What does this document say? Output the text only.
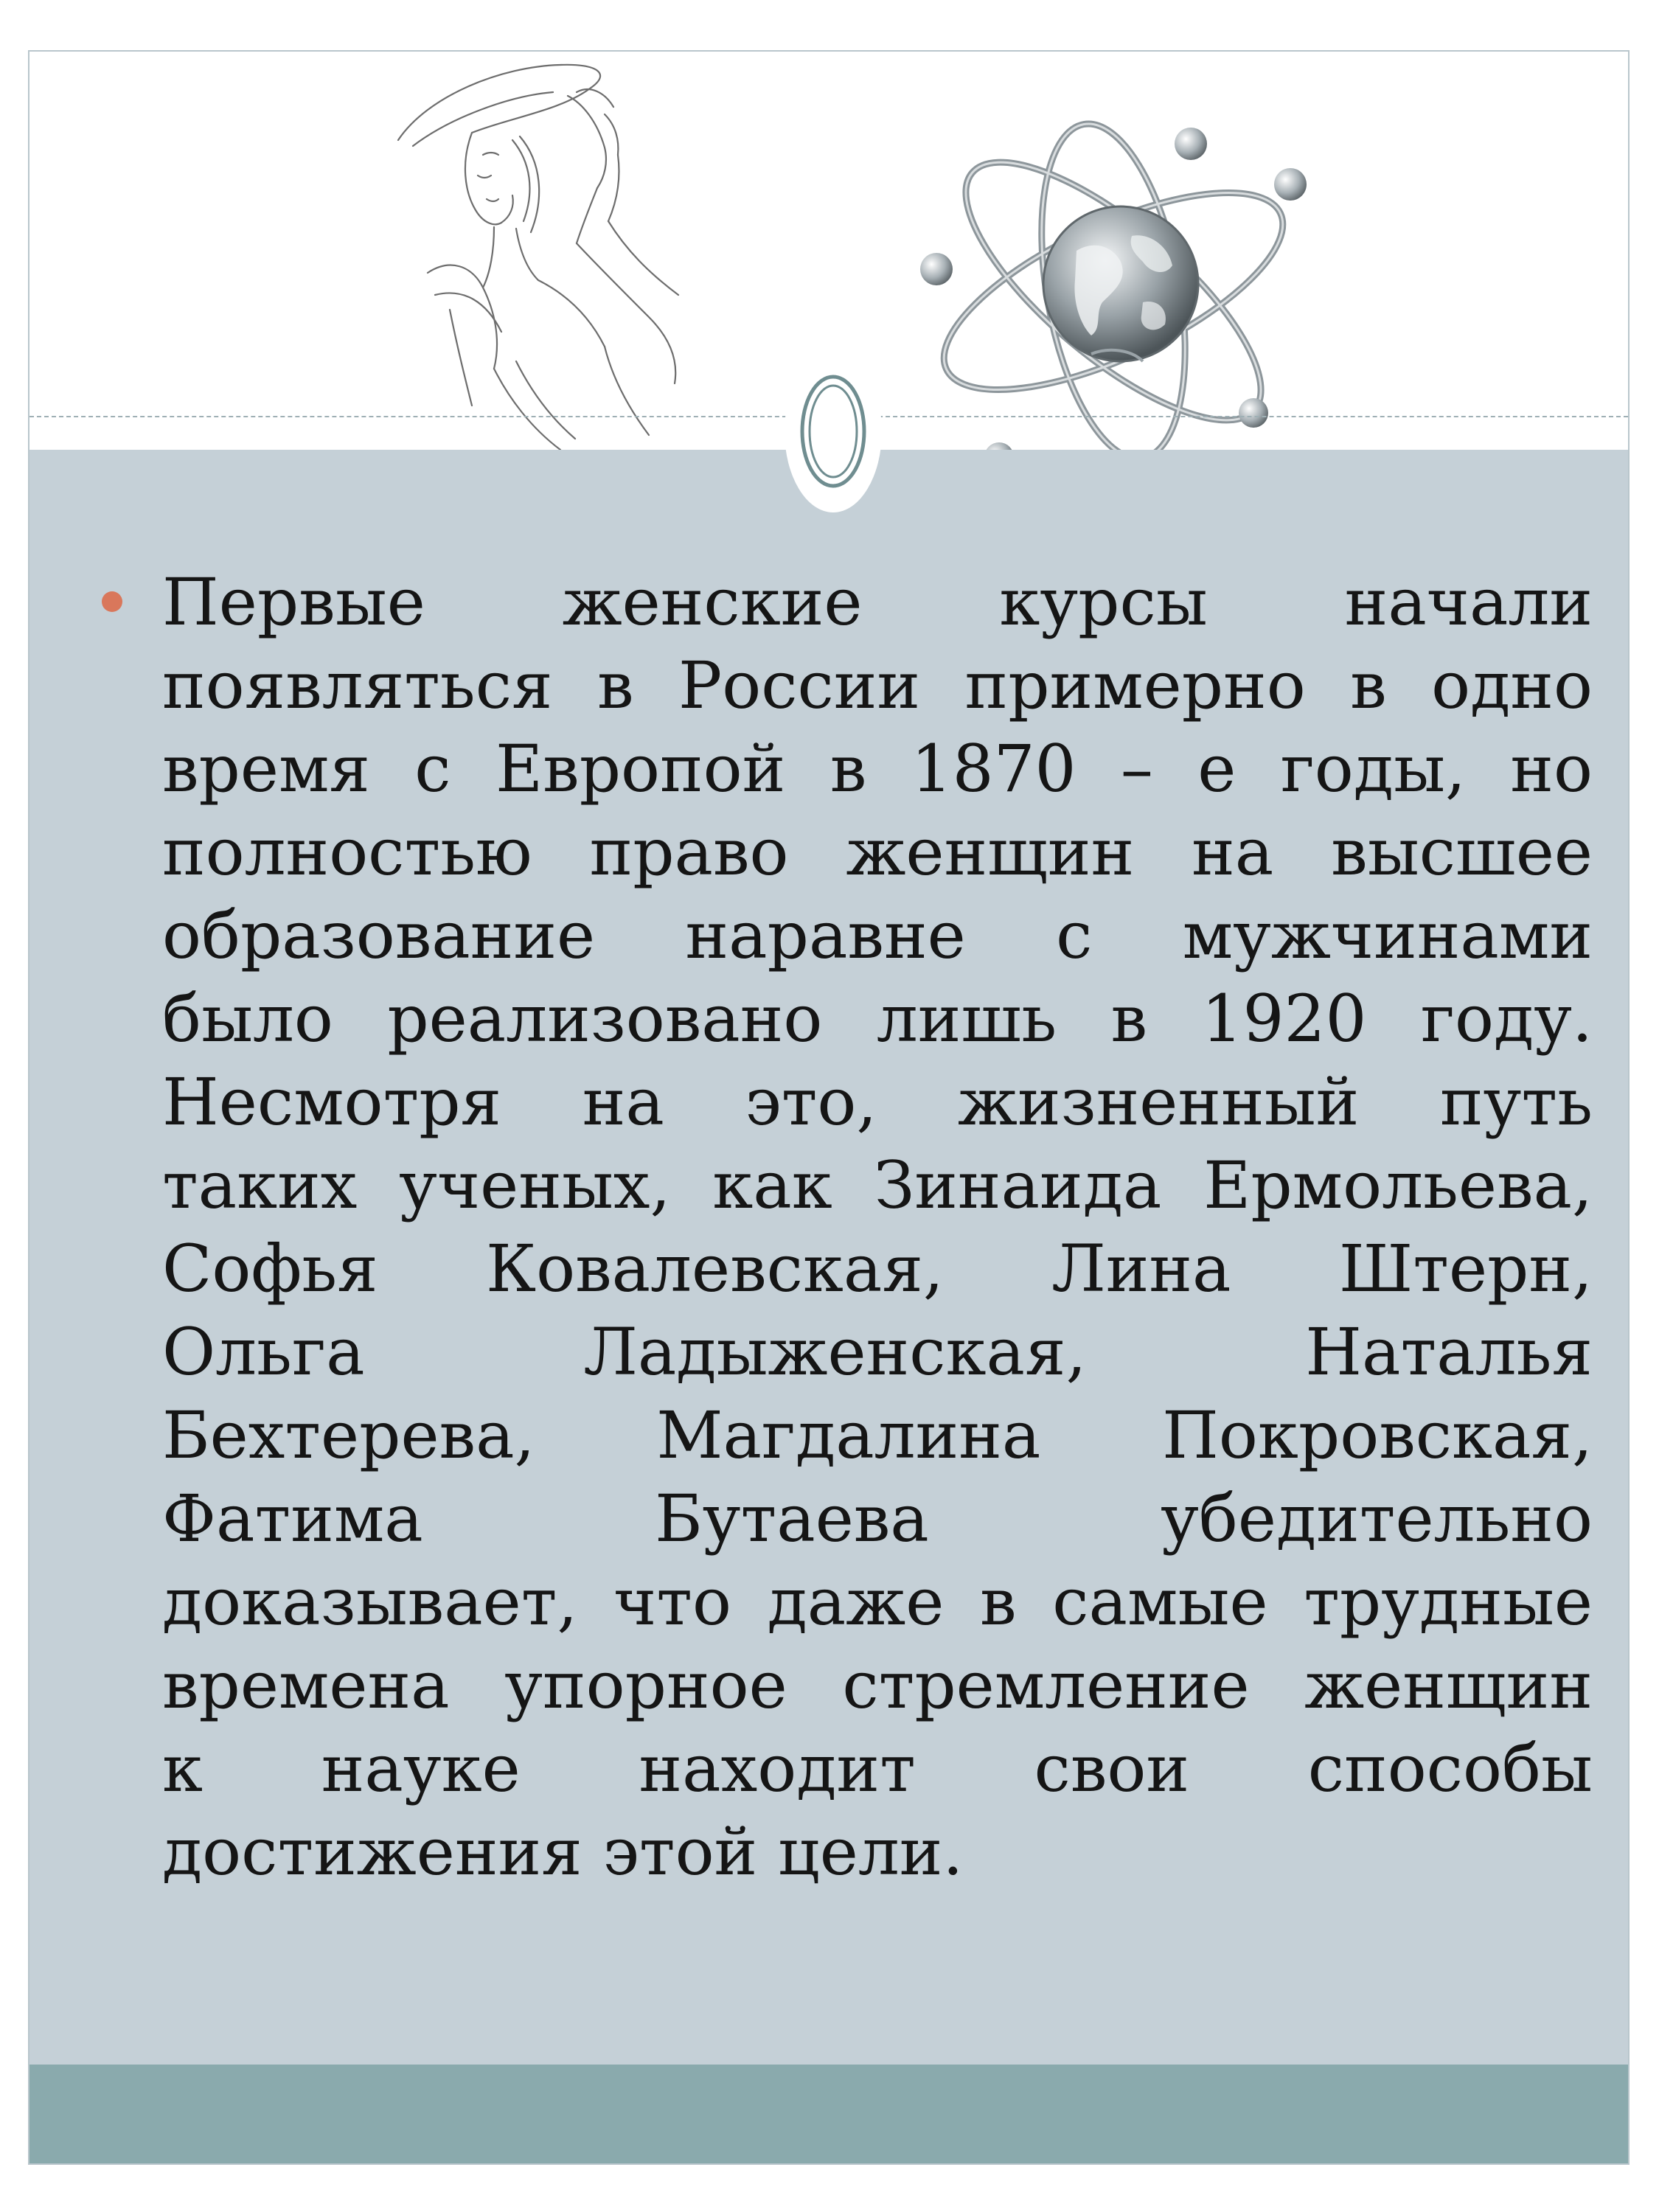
Первые женские курсы начали
появляться в России примерно в одно
время с Европой в 1870 – е годы, но
полностью право женщин на высшее
образование наравне с мужчинами
было реализовано лишь в 1920 году.
Несмотря на это, жизненный путь
таких ученых, как Зинаида Ермольева,
Софья Ковалевская, Лина Штерн,
Ольга	Ладыженская,	Наталья
Бехтерева, Магдалина Покровская,
Фатима	Бутаева	убедительно
доказывает, что даже в самые трудные
времена упорное стремление женщин
к науке находит свои способы
достижения этой цели.
